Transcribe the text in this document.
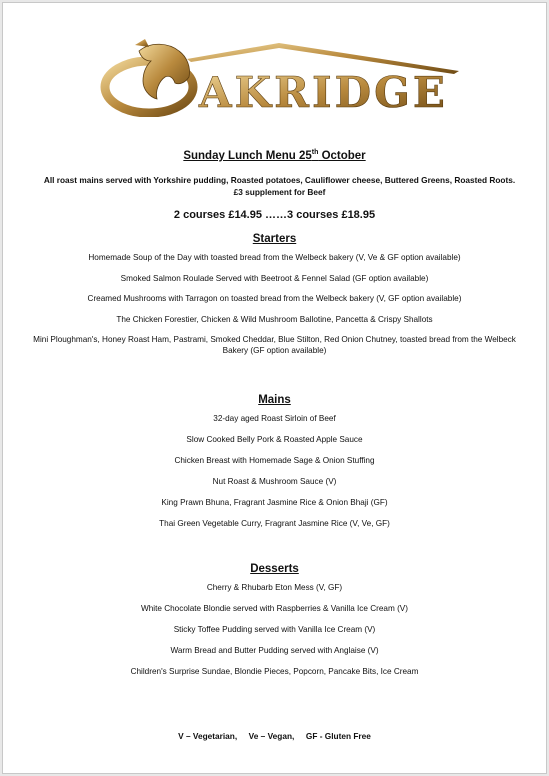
AKRIDGE
Sunday Lunch Menu 25th October
All roast mains served with Yorkshire pudding, Roasted potatoes, Cauliflower cheese, Buttered Greens, Roasted Roots. £3 supplement for Beef
2 courses £14.95 ……3 courses £18.95
Starters
Homemade Soup of the Day with toasted bread from the Welbeck bakery (V, Ve & GF option available)
Smoked Salmon Roulade Served with Beetroot & Fennel Salad (GF option available)
Creamed Mushrooms with Tarragon on toasted bread from the Welbeck bakery (V, GF option available)
The Chicken Forestier, Chicken & Wild Mushroom Ballotine, Pancetta & Crispy Shallots
Mini Ploughman's, Honey Roast Ham, Pastrami, Smoked Cheddar, Blue Stilton, Red Onion Chutney, toasted bread from the Welbeck Bakery (GF option available)
Mains
32-day aged Roast Sirloin of Beef
Slow Cooked Belly Pork & Roasted Apple Sauce
Chicken Breast with Homemade Sage & Onion Stuffing
Nut Roast & Mushroom Sauce (V)
King Prawn Bhuna, Fragrant Jasmine Rice & Onion Bhaji (GF)
Thai Green Vegetable Curry, Fragrant Jasmine Rice (V, Ve, GF)
Desserts
Cherry & Rhubarb Eton Mess (V, GF)
White Chocolate Blondie served with Raspberries & Vanilla Ice Cream (V)
Sticky Toffee Pudding served with Vanilla Ice Cream (V)
Warm Bread and Butter Pudding served with Anglaise (V)
Children's Surprise Sundae, Blondie Pieces, Popcorn, Pancake Bits, Ice Cream
V – Vegetarian,     Ve – Vegan,     GF - Gluten Free
